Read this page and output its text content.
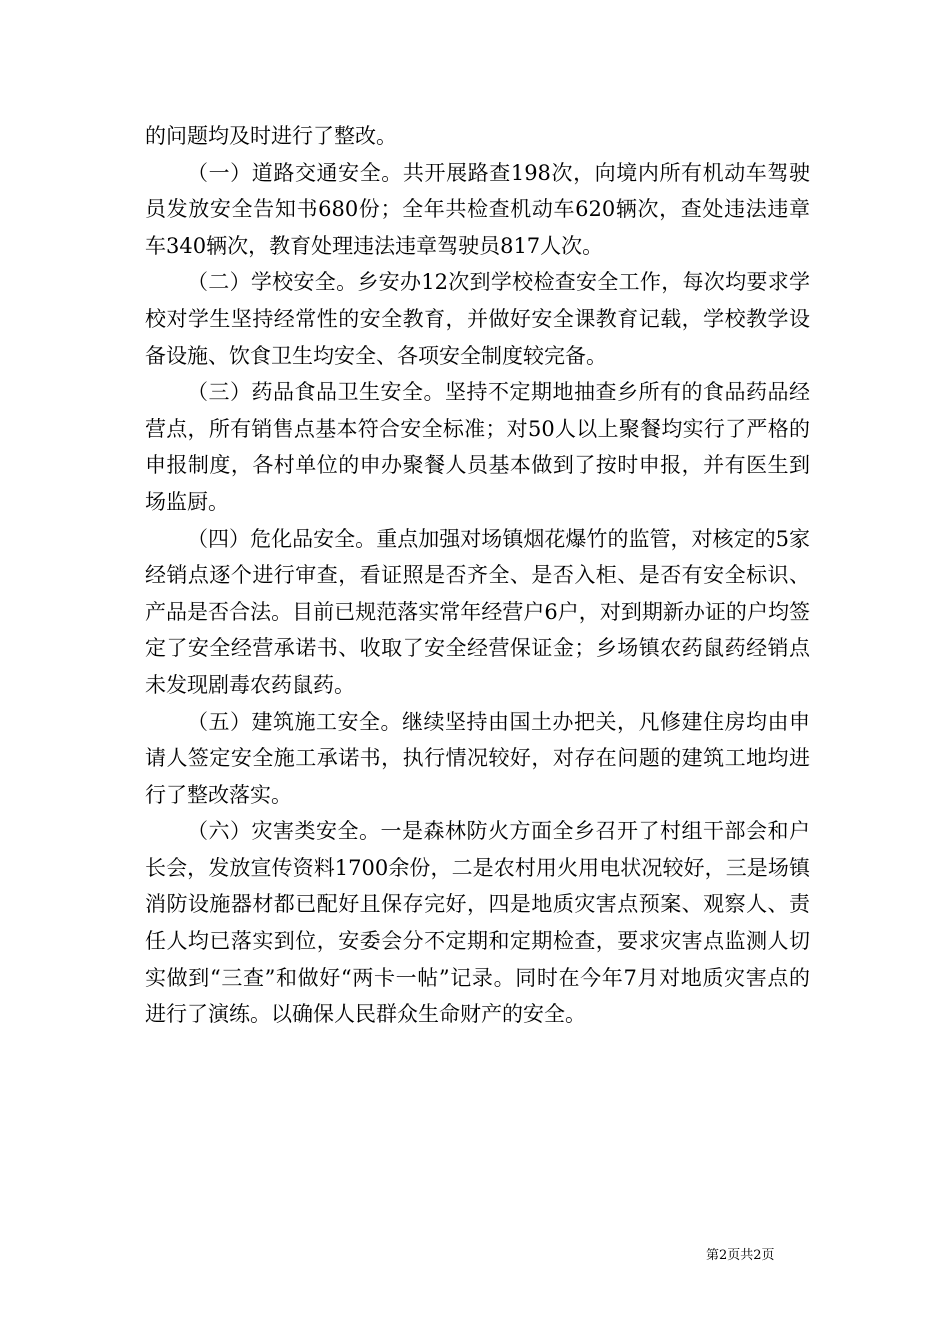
的问题均及时进行了整改。

（一）道路交通安全。共开展路查198次，向境内所有机动车驾驶员发放安全告知书680份；全年共检查机动车620辆次，查处违法违章车340辆次，教育处理违法违章驾驶员817人次。

（二）学校安全。乡安办12次到学校检查安全工作，每次均要求学校对学生坚持经常性的安全教育，并做好安全课教育记载，学校教学设备设施、饮食卫生均安全、各项安全制度较完备。

（三）药品食品卫生安全。坚持不定期地抽查乡所有的食品药品经营点，所有销售点基本符合安全标准；对50人以上聚餐均实行了严格的申报制度，各村单位的申办聚餐人员基本做到了按时申报，并有医生到场监厨。

（四）危化品安全。重点加强对场镇烟花爆竹的监管，对核定的5家经销点逐个进行审查，看证照是否齐全、是否入柜、是否有安全标识、产品是否合法。目前已规范落实常年经营户6户，对到期新办证的户均签定了安全经营承诺书、收取了安全经营保证金；乡场镇农药鼠药经销点未发现剧毒农药鼠药。

（五）建筑施工安全。继续坚持由国土办把关，凡修建住房均由申请人签定安全施工承诺书，执行情况较好，对存在问题的建筑工地均进行了整改落实。

（六）灾害类安全。一是森林防火方面全乡召开了村组干部会和户长会，发放宣传资料1700余份，二是农村用火用电状况较好，三是场镇消防设施器材都已配好且保存完好，四是地质灾害点预案、观察人、责任人均已落实到位，安委会分不定期和定期检查，要求灾害点监测人切实做到“三查”和做好“两卡一帖”记录。同时在今年7月对地质灾害点的进行了演练。以确保人民群众生命财产的安全。

第2页共2页
